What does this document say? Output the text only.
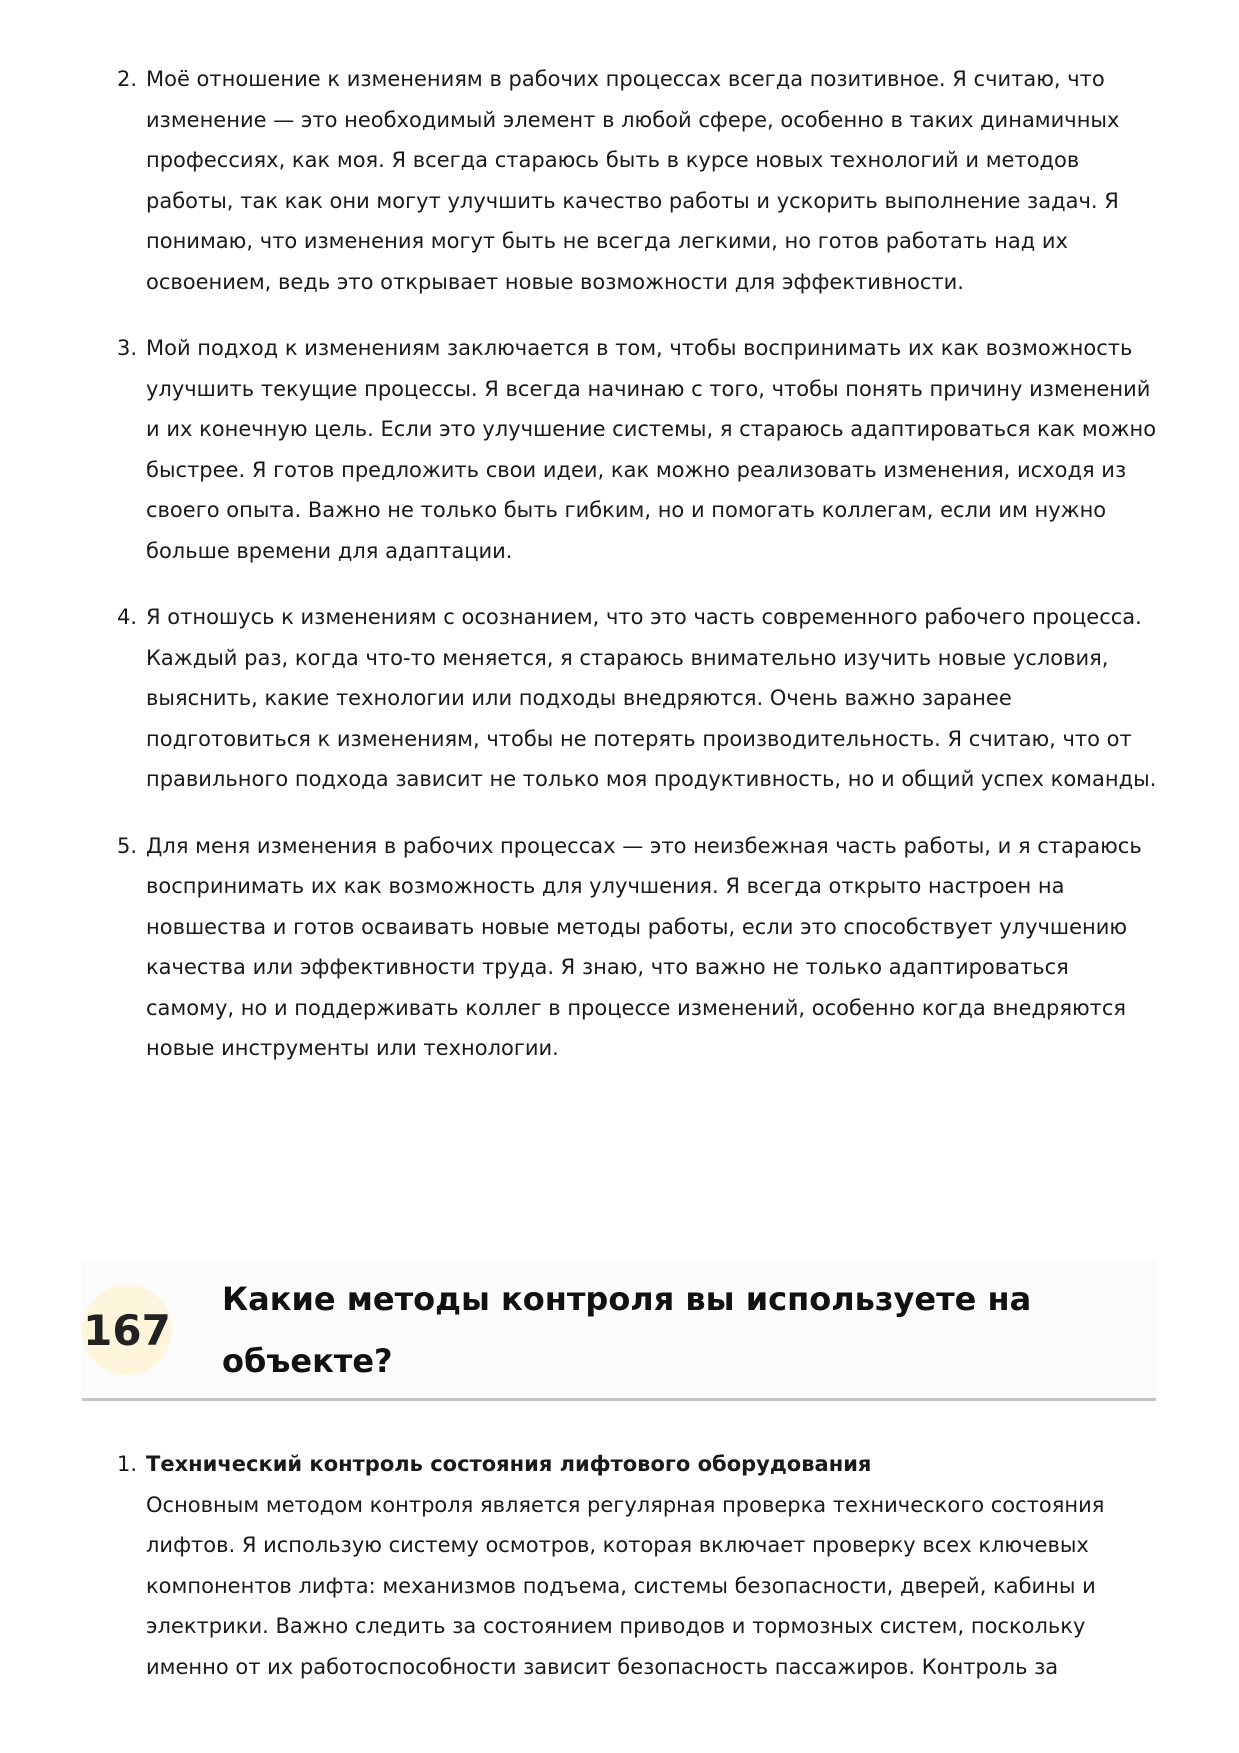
2. Моё отношение к изменениям в рабочих процессах всегда позитивное. Я считаю, что изменение — это необходимый элемент в любой сфере, особенно в таких динамичных профессиях, как моя. Я всегда стараюсь быть в курсе новых технологий и методов работы, так как они могут улучшить качество работы и ускорить выполнение задач. Я понимаю, что изменения могут быть не всегда легкими, но готов работать над их освоением, ведь это открывает новые возможности для эффективности.
3. Мой подход к изменениям заключается в том, чтобы воспринимать их как возможность улучшить текущие процессы. Я всегда начинаю с того, чтобы понять причину изменений и их конечную цель. Если это улучшение системы, я стараюсь адаптироваться как можно быстрее. Я готов предложить свои идеи, как можно реализовать изменения, исходя из своего опыта. Важно не только быть гибким, но и помогать коллегам, если им нужно больше времени для адаптации.
4. Я отношусь к изменениям с осознанием, что это часть современного рабочего процесса. Каждый раз, когда что-то меняется, я стараюсь внимательно изучить новые условия, выяснить, какие технологии или подходы внедряются. Очень важно заранее подготовиться к изменениям, чтобы не потерять производительность. Я считаю, что от правильного подхода зависит не только моя продуктивность, но и общий успех команды.
5. Для меня изменения в рабочих процессах — это неизбежная часть работы, и я стараюсь воспринимать их как возможность для улучшения. Я всегда открыто настроен на новшества и готов осваивать новые методы работы, если это способствует улучшению качества или эффективности труда. Я знаю, что важно не только адаптироваться самому, но и поддерживать коллег в процессе изменений, особенно когда внедряются новые инструменты или технологии.
167
Какие методы контроля вы используете на объекте?
1. Технический контроль состояния лифтового оборудования
Основным методом контроля является регулярная проверка технического состояния лифтов. Я использую систему осмотров, которая включает проверку всех ключевых компонентов лифта: механизмов подъема, системы безопасности, дверей, кабины и электрики. Важно следить за состоянием приводов и тормозных систем, поскольку именно от их работоспособности зависит безопасность пассажиров. Контроль за
